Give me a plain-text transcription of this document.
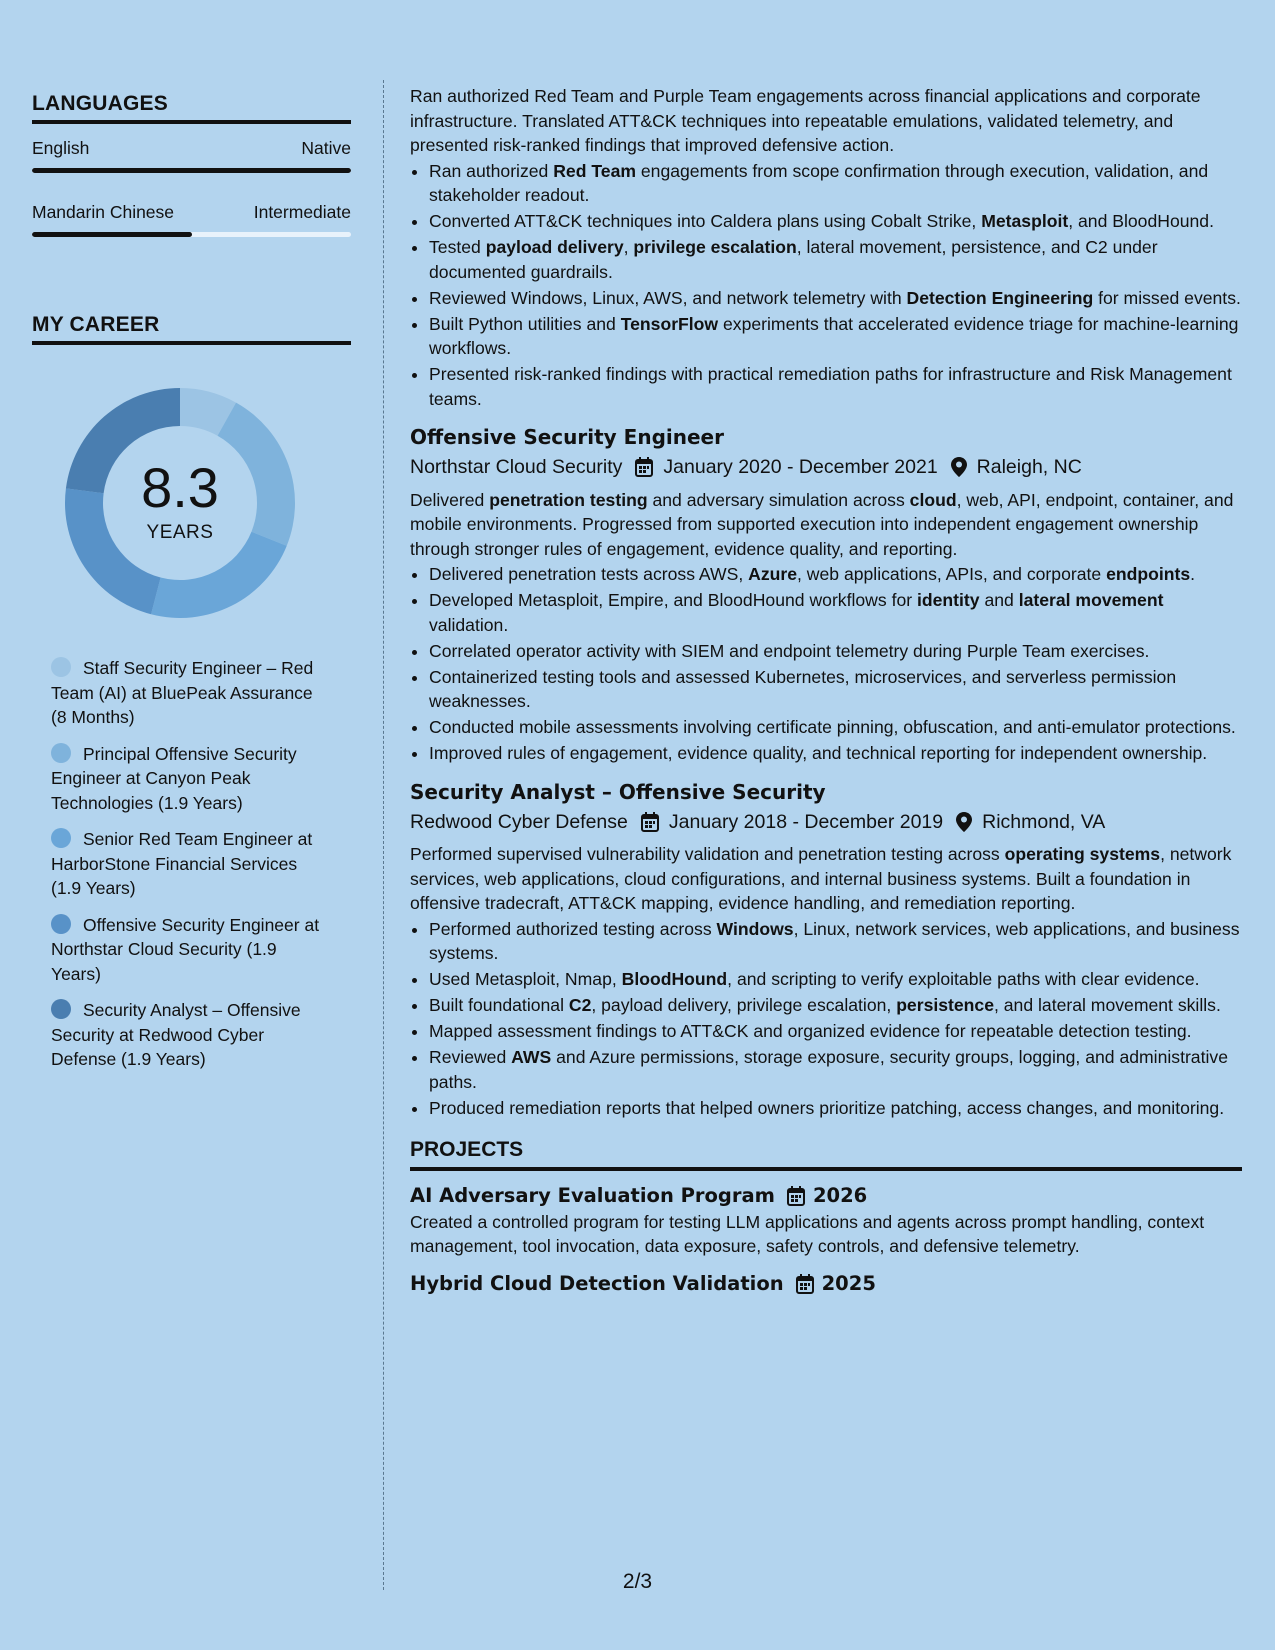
LANGUAGES
English	Native
Mandarin Chinese	Intermediate
MY CAREER
8.3
YEARS
Staff Security Engineer – Red Team (AI) at BluePeak Assurance (8 Months)
Principal Offensive Security Engineer at Canyon Peak Technologies (1.9 Years)
Senior Red Team Engineer at HarborStone Financial Services (1.9 Years)
Offensive Security Engineer at Northstar Cloud Security (1.9 Years)
Security Analyst – Offensive Security at Redwood Cyber Defense (1.9 Years)

Ran authorized Red Team and Purple Team engagements across financial applications and corporate infrastructure. Translated ATT&CK techniques into repeatable emulations, validated telemetry, and presented risk-ranked findings that improved defensive action.

• Ran authorized Red Team engagements from scope confirmation through execution, validation, and stakeholder readout.
• Converted ATT&CK techniques into Caldera plans using Cobalt Strike, Metasploit, and BloodHound.
• Tested payload delivery, privilege escalation, lateral movement, persistence, and C2 under documented guardrails.
• Reviewed Windows, Linux, AWS, and network telemetry with Detection Engineering for missed events.
• Built Python utilities and TensorFlow experiments that accelerated evidence triage for machine-learning workflows.
• Presented risk-ranked findings with practical remediation paths for infrastructure and Risk Management teams.
Offensive Security Engineer
Northstar Cloud Security January 2020 - December 2021 Raleigh, NC

Delivered penetration testing and adversary simulation across cloud, web, API, endpoint, container, and mobile environments. Progressed from supported execution into independent engagement ownership through stronger rules of engagement, evidence quality, and reporting.

• Delivered penetration tests across AWS, Azure, web applications, APIs, and corporate endpoints.
• Developed Metasploit, Empire, and BloodHound workflows for identity and lateral movement validation.
• Correlated operator activity with SIEM and endpoint telemetry during Purple Team exercises.
• Containerized testing tools and assessed Kubernetes, microservices, and serverless permission weaknesses.
• Conducted mobile assessments involving certificate pinning, obfuscation, and anti-emulator protections.
• Improved rules of engagement, evidence quality, and technical reporting for independent ownership.
Security Analyst – Offensive Security
Redwood Cyber Defense January 2018 - December 2019 Richmond, VA

Performed supervised vulnerability validation and penetration testing across operating systems, network services, web applications, cloud configurations, and internal business systems. Built a foundation in offensive tradecraft, ATT&CK mapping, evidence handling, and remediation reporting.

• Performed authorized testing across Windows, Linux, network services, web applications, and business systems.
• Used Metasploit, Nmap, BloodHound, and scripting to verify exploitable paths with clear evidence.
• Built foundational C2, payload delivery, privilege escalation, persistence, and lateral movement skills.
• Mapped assessment findings to ATT&CK and organized evidence for repeatable detection testing.
• Reviewed AWS and Azure permissions, storage exposure, security groups, logging, and administrative paths.
• Produced remediation reports that helped owners prioritize patching, access changes, and monitoring.
PROJECTS
AI Adversary Evaluation Program 2026

Created a controlled program for testing LLM applications and agents across prompt handling, context management, tool invocation, data exposure, safety controls, and defensive telemetry.

Hybrid Cloud Detection Validation 2025
2/3
